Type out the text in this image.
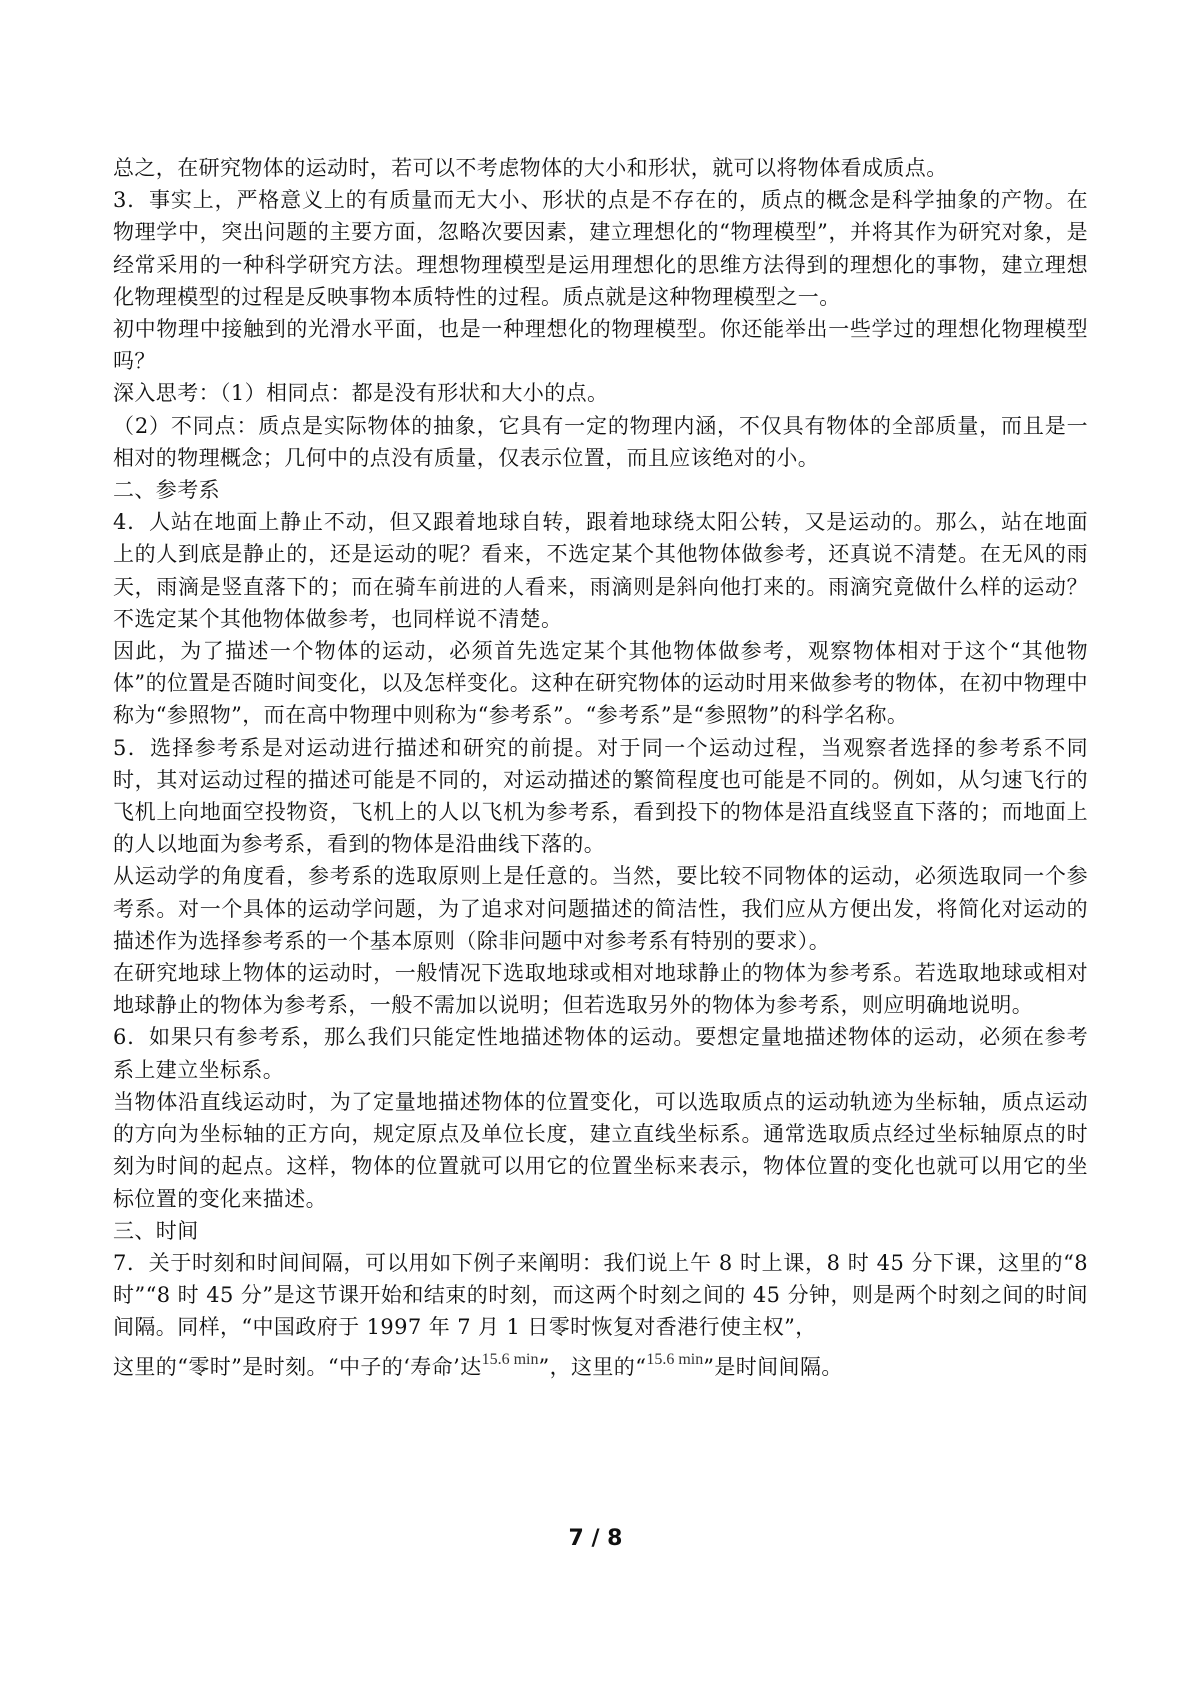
总之，在研究物体的运动时，若可以不考虑物体的大小和形状，就可以将物体看成质点。

3．事实上，严格意义上的有质量而无大小、形状的点是不存在的，质点的概念是科学抽象的产物。在物理学中，突出问题的主要方面，忽略次要因素，建立理想化的“物理模型”，并将其作为研究对象，是经常采用的一种科学研究方法。理想物理模型是运用理想化的思维方法得到的理想化的事物，建立理想化物理模型的过程是反映事物本质特性的过程。质点就是这种物理模型之一。

初中物理中接触到的光滑水平面，也是一种理想化的物理模型。你还能举出一些学过的理想化物理模型吗？

深入思考：（1）相同点：都是没有形状和大小的点。

（2）不同点：质点是实际物体的抽象，它具有一定的物理内涵，不仅具有物体的全部质量，而且是一相对的物理概念；几何中的点没有质量，仅表示位置，而且应该绝对的小。

二、参考系

4．人站在地面上静止不动，但又跟着地球自转，跟着地球绕太阳公转，又是运动的。那么，站在地面上的人到底是静止的，还是运动的呢？看来，不选定某个其他物体做参考，还真说不清楚。在无风的雨天，雨滴是竖直落下的；而在骑车前进的人看来，雨滴则是斜向他打来的。雨滴究竟做什么样的运动？不选定某个其他物体做参考，也同样说不清楚。

因此，为了描述一个物体的运动，必须首先选定某个其他物体做参考，观察物体相对于这个“其他物体”的位置是否随时间变化，以及怎样变化。这种在研究物体的运动时用来做参考的物体，在初中物理中称为“参照物”，而在高中物理中则称为“参考系”。“参考系”是“参照物”的科学名称。

5．选择参考系是对运动进行描述和研究的前提。对于同一个运动过程，当观察者选择的参考系不同时，其对运动过程的描述可能是不同的，对运动描述的繁简程度也可能是不同的。例如，从匀速飞行的飞机上向地面空投物资，飞机上的人以飞机为参考系，看到投下的物体是沿直线竖直下落的；而地面上的人以地面为参考系，看到的物体是沿曲线下落的。

从运动学的角度看，参考系的选取原则上是任意的。当然，要比较不同物体的运动，必须选取同一个参考系。对一个具体的运动学问题，为了追求对问题描述的简洁性，我们应从方便出发，将简化对运动的描述作为选择参考系的一个基本原则（除非问题中对参考系有特别的要求）。

在研究地球上物体的运动时，一般情况下选取地球或相对地球静止的物体为参考系。若选取地球或相对地球静止的物体为参考系，一般不需加以说明；但若选取另外的物体为参考系，则应明确地说明。

6．如果只有参考系，那么我们只能定性地描述物体的运动。要想定量地描述物体的运动，必须在参考系上建立坐标系。

当物体沿直线运动时，为了定量地描述物体的位置变化，可以选取质点的运动轨迹为坐标轴，质点运动的方向为坐标轴的正方向，规定原点及单位长度，建立直线坐标系。通常选取质点经过坐标轴原点的时刻为时间的起点。这样，物体的位置就可以用它的位置坐标来表示，物体位置的变化也就可以用它的坐标位置的变化来描述。

三、时间

7．关于时刻和时间间隔，可以用如下例子来阐明：我们说上午 8 时上课，8 时 45 分下课，这里的“8 时”“8 时 45 分”是这节课开始和结束的时刻，而这两个时刻之间的 45 分钟，则是两个时刻之间的时间间隔。同样，“中国政府于 1997 年 7 月 1 日零时恢复对香港行使主权”，

这里的“零时”是时刻。“中子的‘寿命’达$^{15.6 min}$”，这里的“$^{15.6 min}$”是时间间隔。

7 / 8
